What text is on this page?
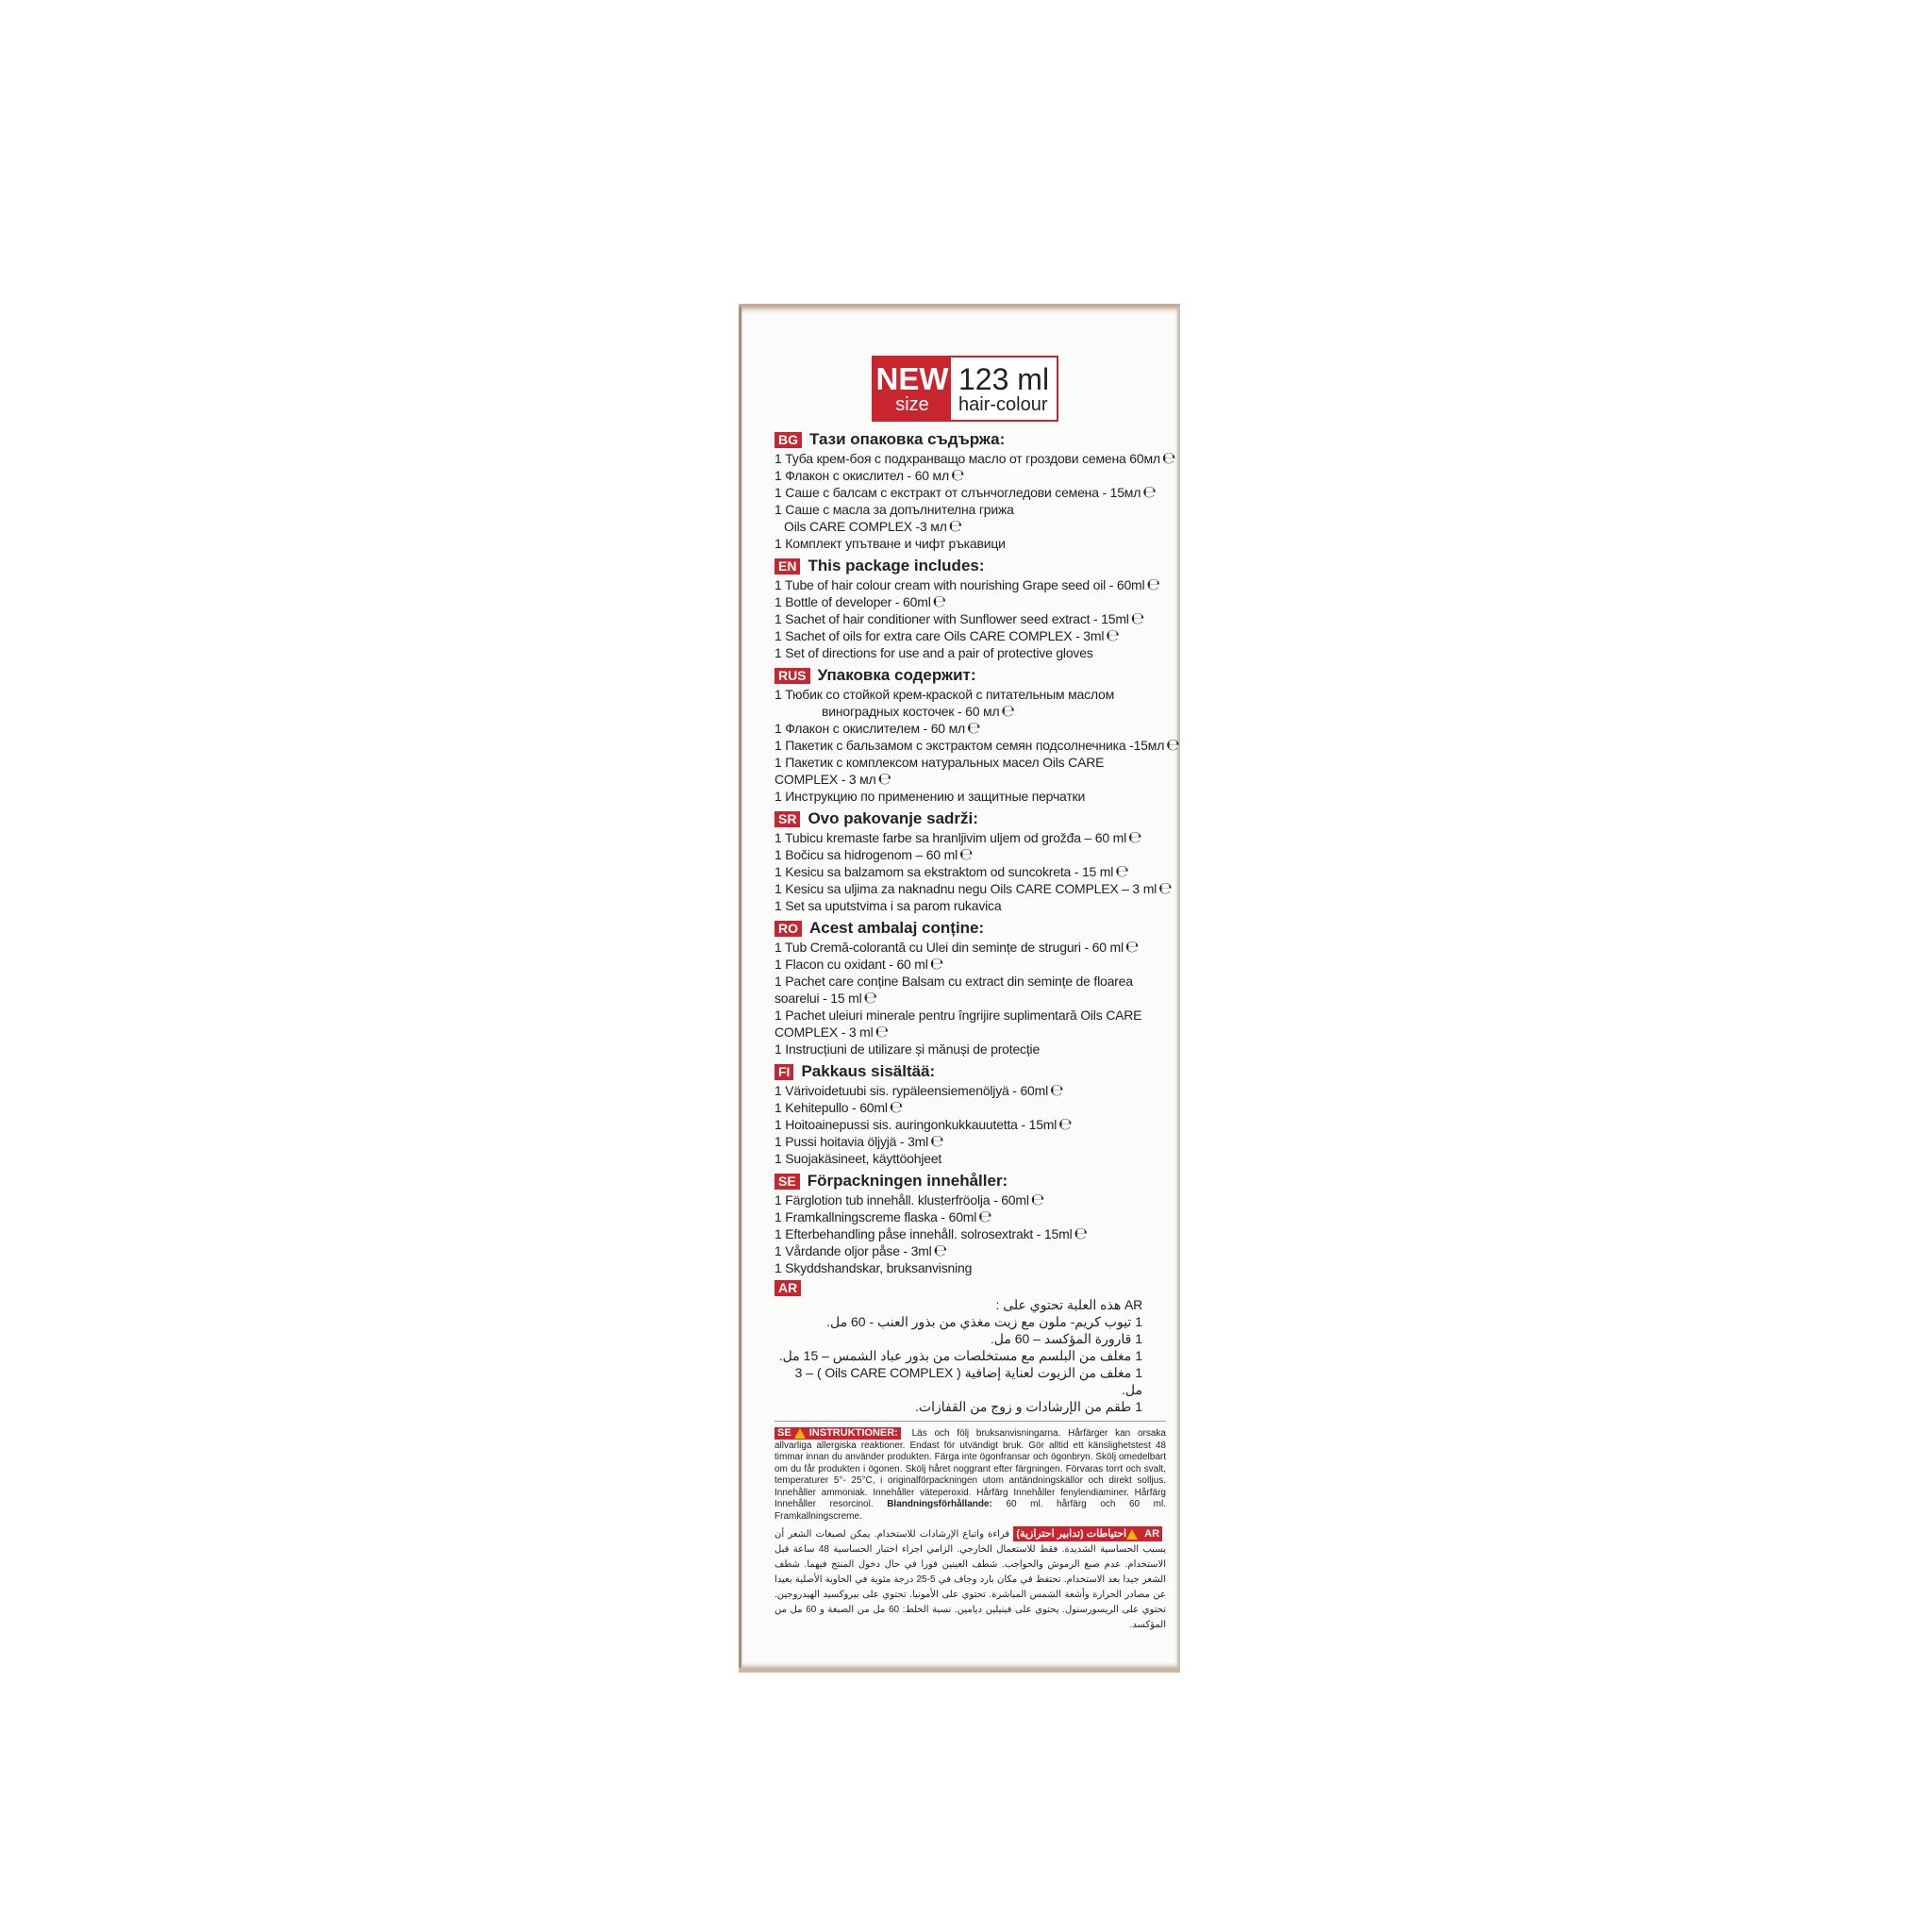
NEW
size
123 ml
hair-colour
BG Тази опаковка съдържа:
1 Туба крем-боя с подхранващо масло от гроздови семена 60мл ℮
1 Флакон с окислител - 60 мл ℮
1 Саше с балсам с екстракт от слънчогледови семена - 15мл ℮
1 Саше с масла за допълнителна грижа
Oils CARE COMPLEX -3 мл ℮
1 Комплект упътване и чифт ръкавици
EN This package includes:
1 Tube of hair colour cream with nourishing Grape seed oil - 60ml ℮
1 Bottle of developer - 60ml ℮
1 Sachet of hair conditioner with Sunflower seed extract - 15ml ℮
1 Sachet of oils for extra care Oils CARE COMPLEX - 3ml ℮
1 Set of directions for use and a pair of protective gloves
RUS Упаковка содержит:
1 Тюбик со стойкой крем-краской с питательным маслом
виноградных косточек - 60 мл ℮
1 Флакон с окислителем - 60 мл ℮
1 Пакетик с бальзамом с экстрактом семян подсолнечника -15мл ℮
1 Пакетик с комплексом натуральных масел Oils CARE
COMPLEX - 3 мл ℮
1 Инструкцию по применению и защитные перчатки
SR Ovo pakovanje sadrži:
1 Tubicu kremaste farbe sa hranljivim uljem od grožđa – 60 ml ℮
1 Bočicu sa hidrogenom – 60 ml ℮
1 Kesicu sa balzamom sa ekstraktom od suncokreta - 15 ml ℮
1 Kesicu sa uljima za naknadnu negu Oils CARE COMPLEX – 3 ml ℮
1 Set sa uputstvima i sa parom rukavica
RO Acest ambalaj conține:
1 Tub Cremă-colorantă cu Ulei din semințe de struguri - 60 ml ℮
1 Flacon cu oxidant - 60 ml ℮
1 Pachet care conține Balsam cu extract din semințe de floarea
soarelui - 15 ml ℮
1 Pachet uleiuri minerale pentru îngrijire suplimentară Oils CARE
COMPLEX - 3 ml ℮
1 Instrucțiuni de utilizare și mănuși de protecție
FI Pakkaus sisältää:
1 Värivoidetuubi sis. rypäleensiemenöljyä - 60ml ℮
1 Kehitepullo - 60ml ℮
1 Hoitoainepussi sis. auringonkukkauutetta - 15ml ℮
1 Pussi hoitavia öljyjä - 3ml ℮
1 Suojakäsineet, käyttöohjeet
SE Förpackningen innehåller:
1 Färglotion tub innehåll. klusterfröolja - 60ml ℮
1 Framkallningscreme flaska - 60ml ℮
1 Efterbehandling påse innehåll. solrosextrakt - 15ml ℮
1 Vårdande oljor påse - 3ml ℮
1 Skyddshandskar, bruksanvisning
AR
AR هذه العلبة تحتوي على :
1 تيوب كريم- ملون مع زيت مغذي من بذور العنب - 60 مل.
1 قارورة المؤكسد – 60 مل.
1 مغلف من البلسم مع مستخلصات من بذور عباد الشمس – 15 مل.
1 مغلف من الزيوت لعناية إضافية ( Oils CARE COMPLEX ) – 3 مل.
1 طقم من الإرشادات و زوج من القفازات.
SE INSTRUKTIONER: Läs och följ bruksanvisningarna. Hårfärger kan orsaka allvarliga allergiska reaktioner. Endast för utvändigt bruk. Gör alltid ett känslighetstest 48 timmar innan du använder produkten. Färga inte ögonfransar och ögonbryn. Skölj omedelbart om du får produkten i ögonen. Skölj håret noggrant efter färgningen. Förvaras torrt och svalt, temperaturer 5°- 25°C, i originalförpackningen utom antändningskällor och direkt solljus. Innehåller ammoniak. Innehåller väteperoxid. Hårfärg Innehåller fenylendiaminer. Hårfärg Innehåller resorcinol. Blandningsförhållande: 60 ml. hårfärg och 60 ml. Framkallningscreme.
AR احتياطات (تدابير احترازية) قراءة واتباع الإرشادات للاستخدام. يمكن لصبغات الشعر أن يسبب الحساسية الشديدة. فقط للاستعمال الخارجي. الزامي اجراء اختبار الحساسية 48 ساعة قبل الاستخدام. عدم صبغ الرموش والحواجب. شطف العينين فورا في حال دخول المنتج فيهما. شطف الشعر جيدا بعد الاستخدام. تحتفظ في مكان بارد وجاف في 5-25 درجة مئوية في الحاوية الأصلية بعيدا عن مصادر الحرارة وأشعة الشمس المباشرة. تحتوي على الأمونيا. تحتوي على بيروكسيد الهيدروجين. تحتوي على الريسورسنول. يحتوي على فينيلين ديامين. نسبة الخلط: 60 مل من الصبغة و 60 مل من المؤكسد.
